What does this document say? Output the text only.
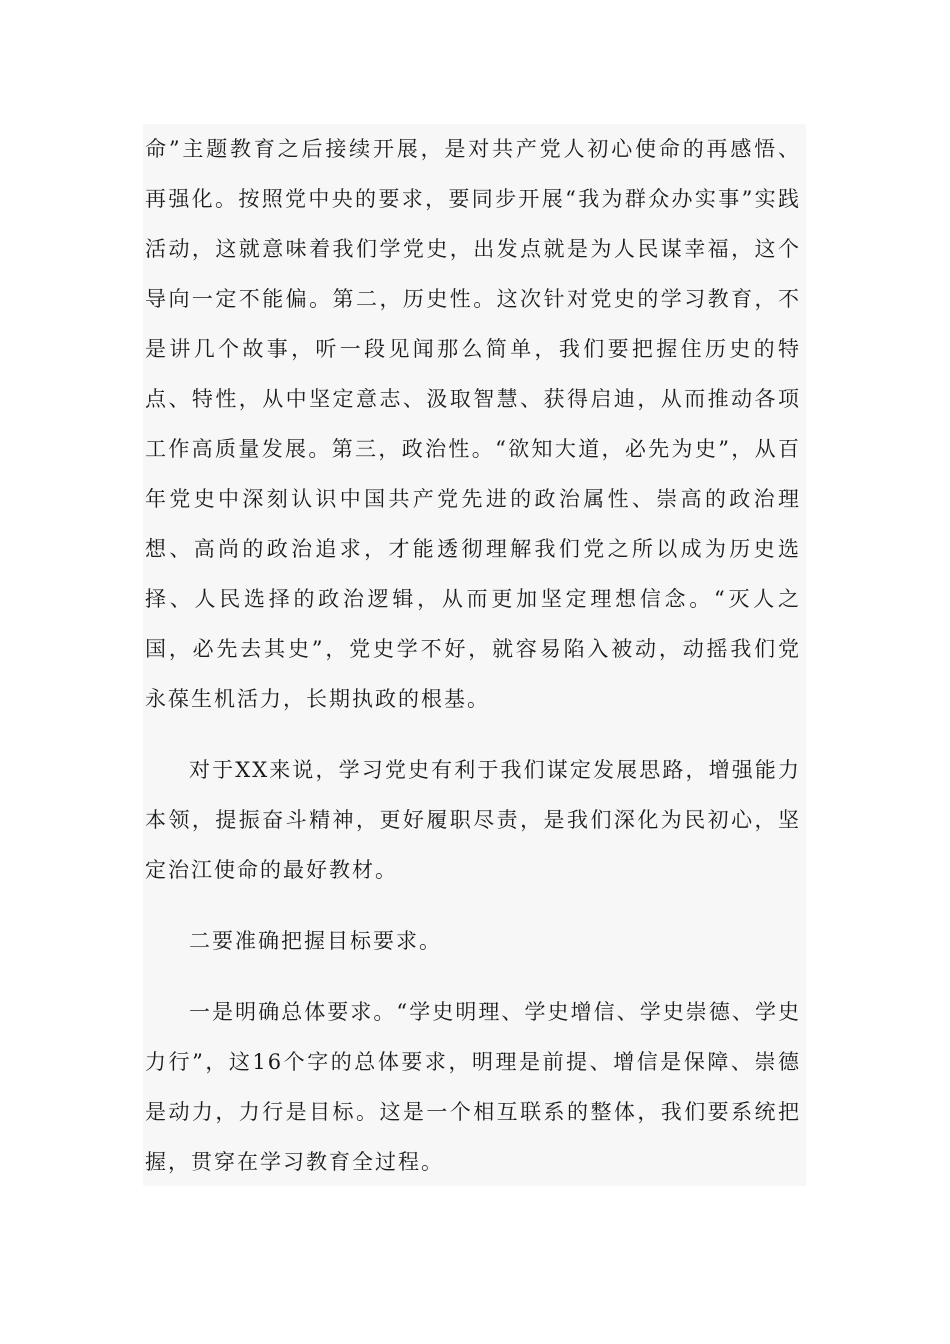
命”主题教育之后接续开展，是对共产党人初心使命的再感悟、再强化。按照党中央的要求，要同步开展“我为群众办实事”实践活动，这就意味着我们学党史，出发点就是为人民谋幸福，这个导向一定不能偏。第二，历史性。这次针对党史的学习教育，不是讲几个故事，听一段见闻那么简单，我们要把握住历史的特点、特性，从中坚定意志、汲取智慧、获得启迪，从而推动各项工作高质量发展。第三，政治性。“欲知大道，必先为史”，从百年党史中深刻认识中国共产党先进的政治属性、崇高的政治理想、高尚的政治追求，才能透彻理解我们党之所以成为历史选择、人民选择的政治逻辑，从而更加坚定理想信念。“灭人之国，必先去其史”，党史学不好，就容易陷入被动，动摇我们党永葆生机活力，长期执政的根基。

对于XX来说，学习党史有利于我们谋定发展思路，增强能力本领，提振奋斗精神，更好履职尽责，是我们深化为民初心，坚定治江使命的最好教材。

二要准确把握目标要求。

一是明确总体要求。“学史明理、学史增信、学史崇德、学史力行”，这16个字的总体要求，明理是前提、增信是保障、崇德是动力，力行是目标。这是一个相互联系的整体，我们要系统把握，贯穿在学习教育全过程。
